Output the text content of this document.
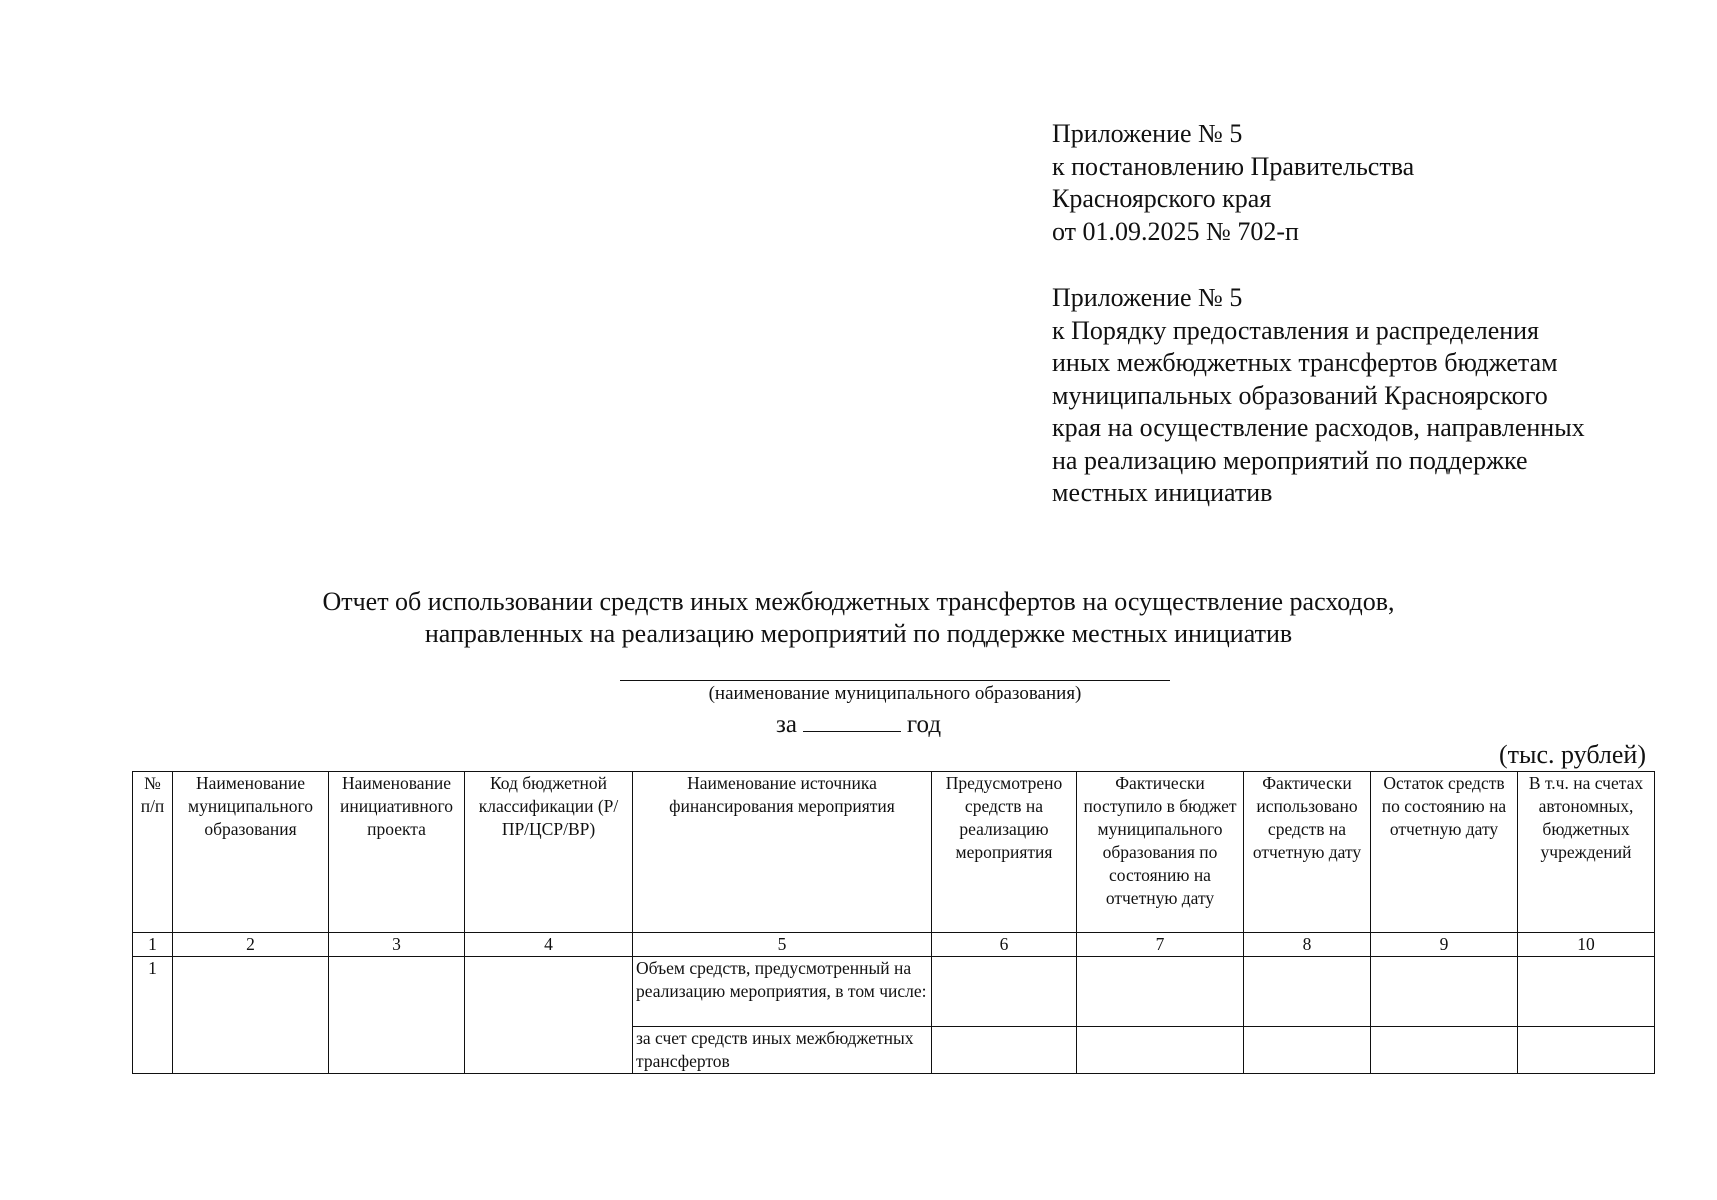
Приложение № 5
к постановлению Правительства
Красноярского края
от 01.09.2025 № 702-п
Приложение № 5
к Порядку предоставления и распределения
иных межбюджетных трансфертов бюджетам
муниципальных образований Красноярского
края на осуществление расходов, направленных
на реализацию мероприятий по поддержке
местных инициатив
Отчет об использовании средств иных межбюджетных трансфертов на осуществление расходов,
направленных на реализацию мероприятий по поддержке местных инициатив
(наименование муниципального образования)
за	год
(тыс. рублей)
№ п/п	Наименование муниципального образования	Наименование инициативного проекта	Код бюджетной классификации (Р/ПР/ЦСР/ВР)	Наименование источника финансирования мероприятия	Предусмотрено средств на реализацию мероприятия	Фактически поступило в бюджет муниципального образования по состоянию на отчетную дату	Фактически использовано средств на отчетную дату	Остаток средств по состоянию на отчетную дату	В т.ч. на счетах автономных, бюджетных учреждений
1	2	3	4	5	6	7	8	9	10
1				Объем средств, предусмотренный на реализацию мероприятия, в том числе:					
				за счет средств иных межбюджетных трансфертов					
